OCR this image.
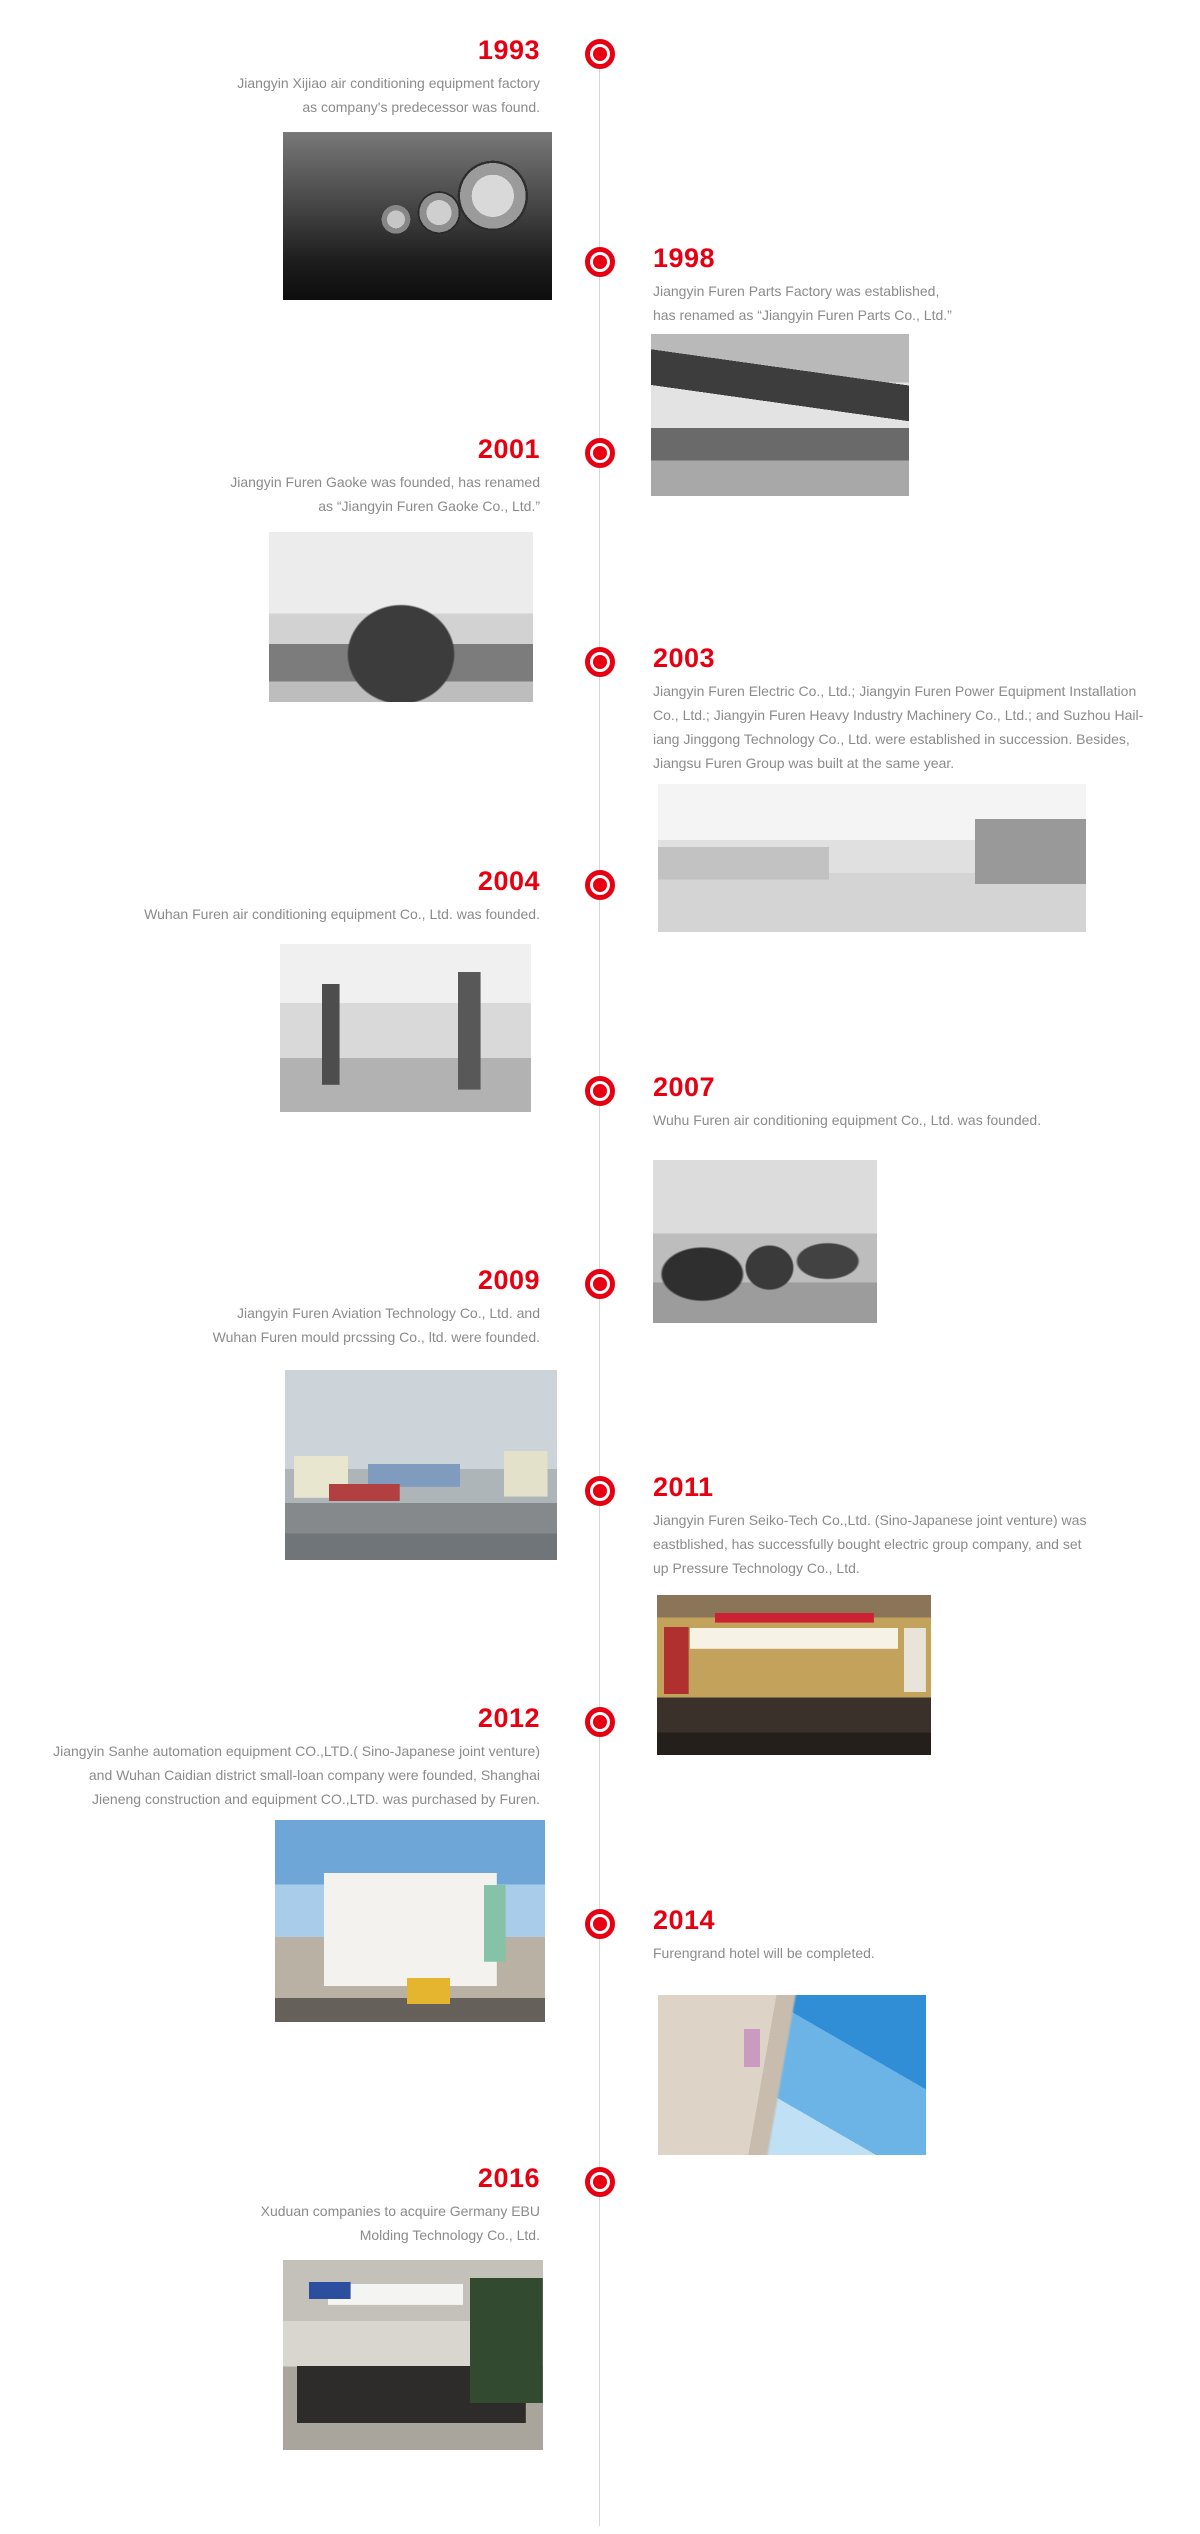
1993
Jiangyin Xijiao air conditioning equipment factory
as company's predecessor was found.
1998
Jiangyin Furen Parts Factory was established,
has renamed as “Jiangyin Furen Parts Co., Ltd.”
2001
Jiangyin Furen Gaoke was founded, has renamed
as “Jiangyin Furen Gaoke Co., Ltd.”
2003
Jiangyin Furen Electric Co., Ltd.; Jiangyin Furen Power Equipment Installation
Co., Ltd.; Jiangyin Furen Heavy Industry Machinery Co., Ltd.; and Suzhou Hail-
iang Jinggong Technology Co., Ltd. were established in succession. Besides,
Jiangsu Furen Group was built at the same year.
2004
Wuhan Furen air conditioning equipment Co., Ltd. was founded.
2007
Wuhu Furen air conditioning equipment Co., Ltd. was founded.
2009
Jiangyin Furen Aviation Technology Co., Ltd. and
Wuhan Furen mould prcssing Co., ltd. were founded.
2011
Jiangyin Furen Seiko-Tech Co.,Ltd. (Sino-Japanese joint venture) was
eastblished, has successfully bought electric group company, and set
up Pressure Technology Co., Ltd.
2012
Jiangyin Sanhe automation equipment CO.,LTD.( Sino-Japanese joint venture)
and Wuhan Caidian district small-loan company were founded, Shanghai
Jieneng construction and equipment CO.,LTD. was purchased by Furen.
2014
Furengrand hotel will be completed.
2016
Xuduan companies to acquire Germany EBU
Molding Technology Co., Ltd.
